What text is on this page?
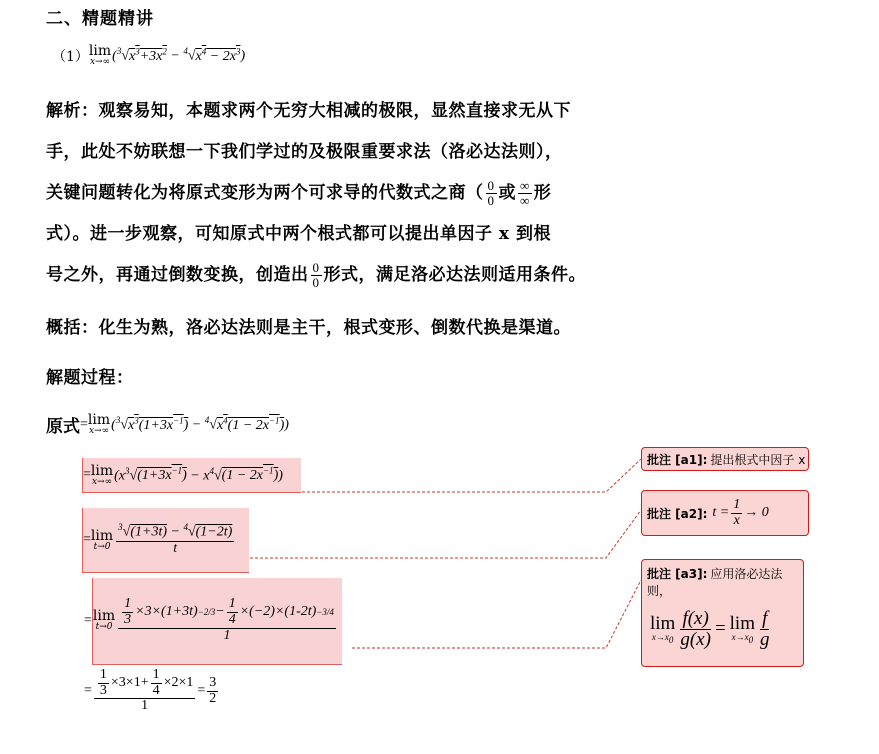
二、精题精讲
（1） lim
x→∞ $(^3√x^3+3x^2 - ^4√x^4 - 2x^3)$
解析：观察易知，本题求两个无穷大相减的极限，显然直接求无从下
手，此处不妨联想一下我们学过的及极限重要求法（洛必达法则），
关键问题转化为将原式变形为两个可求导的代数式之商（ $\frac{0}{0}$ 或 $\frac{\infty}{\infty}$ 形
式）。进一步观察，可知原式中两个根式都可以提出单因子 x 到根
号之外，再通过倒数变换，创造出 $\frac{0}{0}$ 形式，满足洛必达法则适用条件。
概括：化生为熟，洛必达法则是主干，根式变形、倒数代换是渠道。
解题过程：
原式 = lim
x→∞ $(^3√x^3(1+3x^{-1}) - ^4√x^4(1 - 2x^{-1}))$
= lim
x→∞ $(x^3√(1+3x^{-1}) - x^4√(1 - 2x^{-1}))$
= lim
$t\to 0 \frac{^3√(1+3t) - ^4√(1-2t)}{t}$
= lim
$t\to 0 \frac{\frac{1}{3} \times 3\times(1+3t) -2/3 - \frac{1}{4} \times(-2)\times(1-2t) -3/4}{1}$
= $\frac{\frac{1}{3} \times 3\times 1+ \frac{1}{4} \times 2\times 1}{1} = \frac{3}{2}$
批注 [a1]: 提出根式中因子 x
批注 [a2]: $t = \frac{1}{x} \to 0$
批注 [a3]: 应用洛必达法则，
lim
$x\to x_0 \frac{f(x)}{g(x)} = \lim$
$x\to x_0 \frac{f}{g}$
